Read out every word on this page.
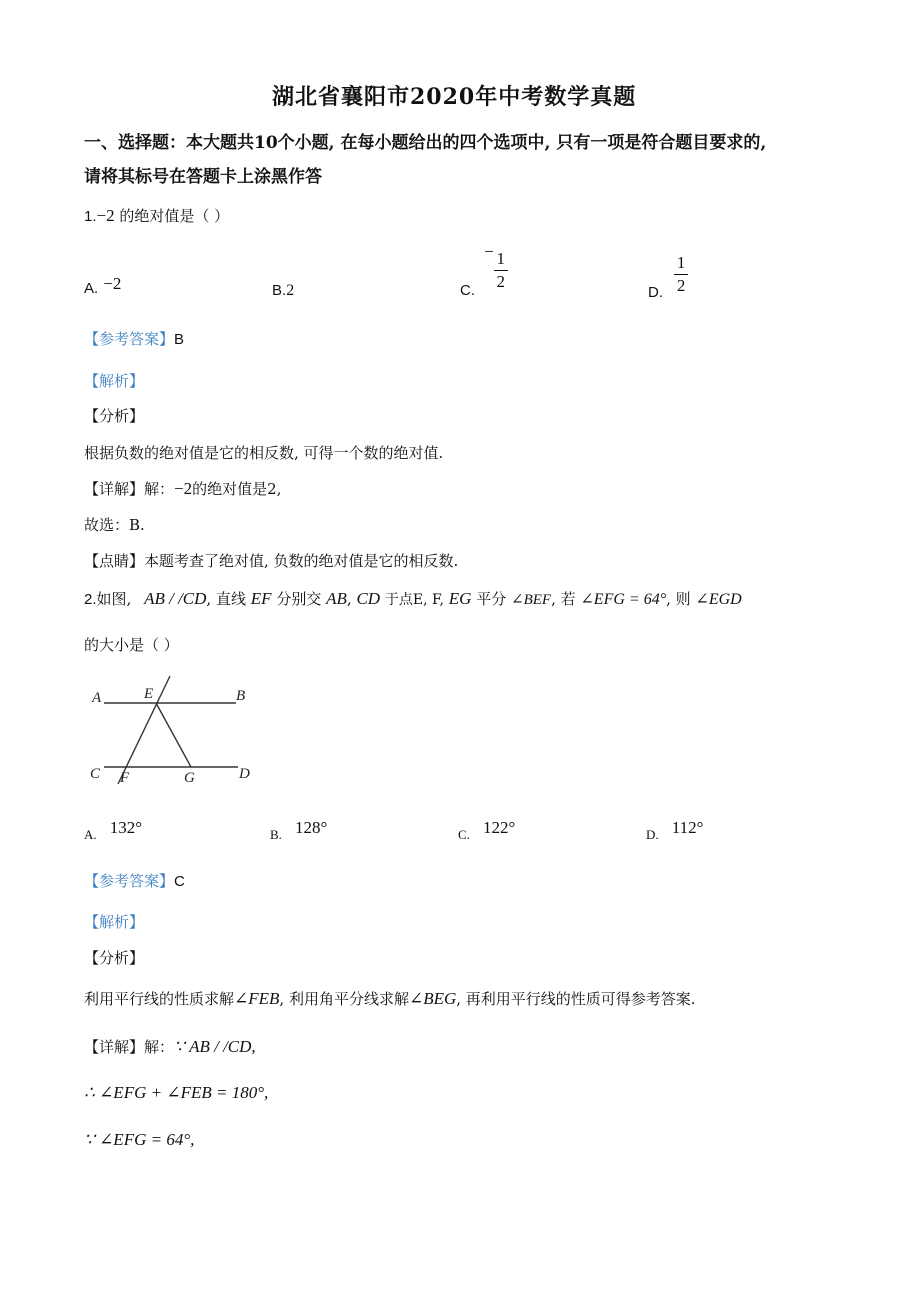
湖北省襄阳市2020年中考数学真题
一、选择题：本大题共10个小题, 在每小题给出的四个选项中, 只有一项是符合题目要求的,
请将其标号在答题卡上涂黑作答
1.−2 的绝对值是（ ）
A. −2	B.2	C. − $\frac{1}{2}$
D. $\frac{1}{2}$
【参考答案】B
【解析】
【分析】
根据负数的绝对值是它的相反数, 可得一个数的绝对值.
【详解】解：−2的绝对值是2,
故选：B.
【点睛】本题考查了绝对值, 负数的绝对值是它的相反数.
2.如图, AB / /CD, 直线 EF 分别交 AB, CD 于点E, F, EG 平分 ∠BEF, 若 ∠EFG = 64°, 则 ∠EGD
的大小是（ ）
A	E	B
C F	G	D
$_{A.}$ 132°	$_{B.}$ 128°	$_{C.}$ 122°	$_{D.}$ 112°
【参考答案】C
【解析】
【分析】
利用平行线的性质求解∠FEB, 利用角平分线求解∠BEG, 再利用平行线的性质可得参考答案.
【详解】解：∵ AB / /CD,
∴ ∠EFG + ∠FEB = 180°,
∵ ∠EFG = 64°,
